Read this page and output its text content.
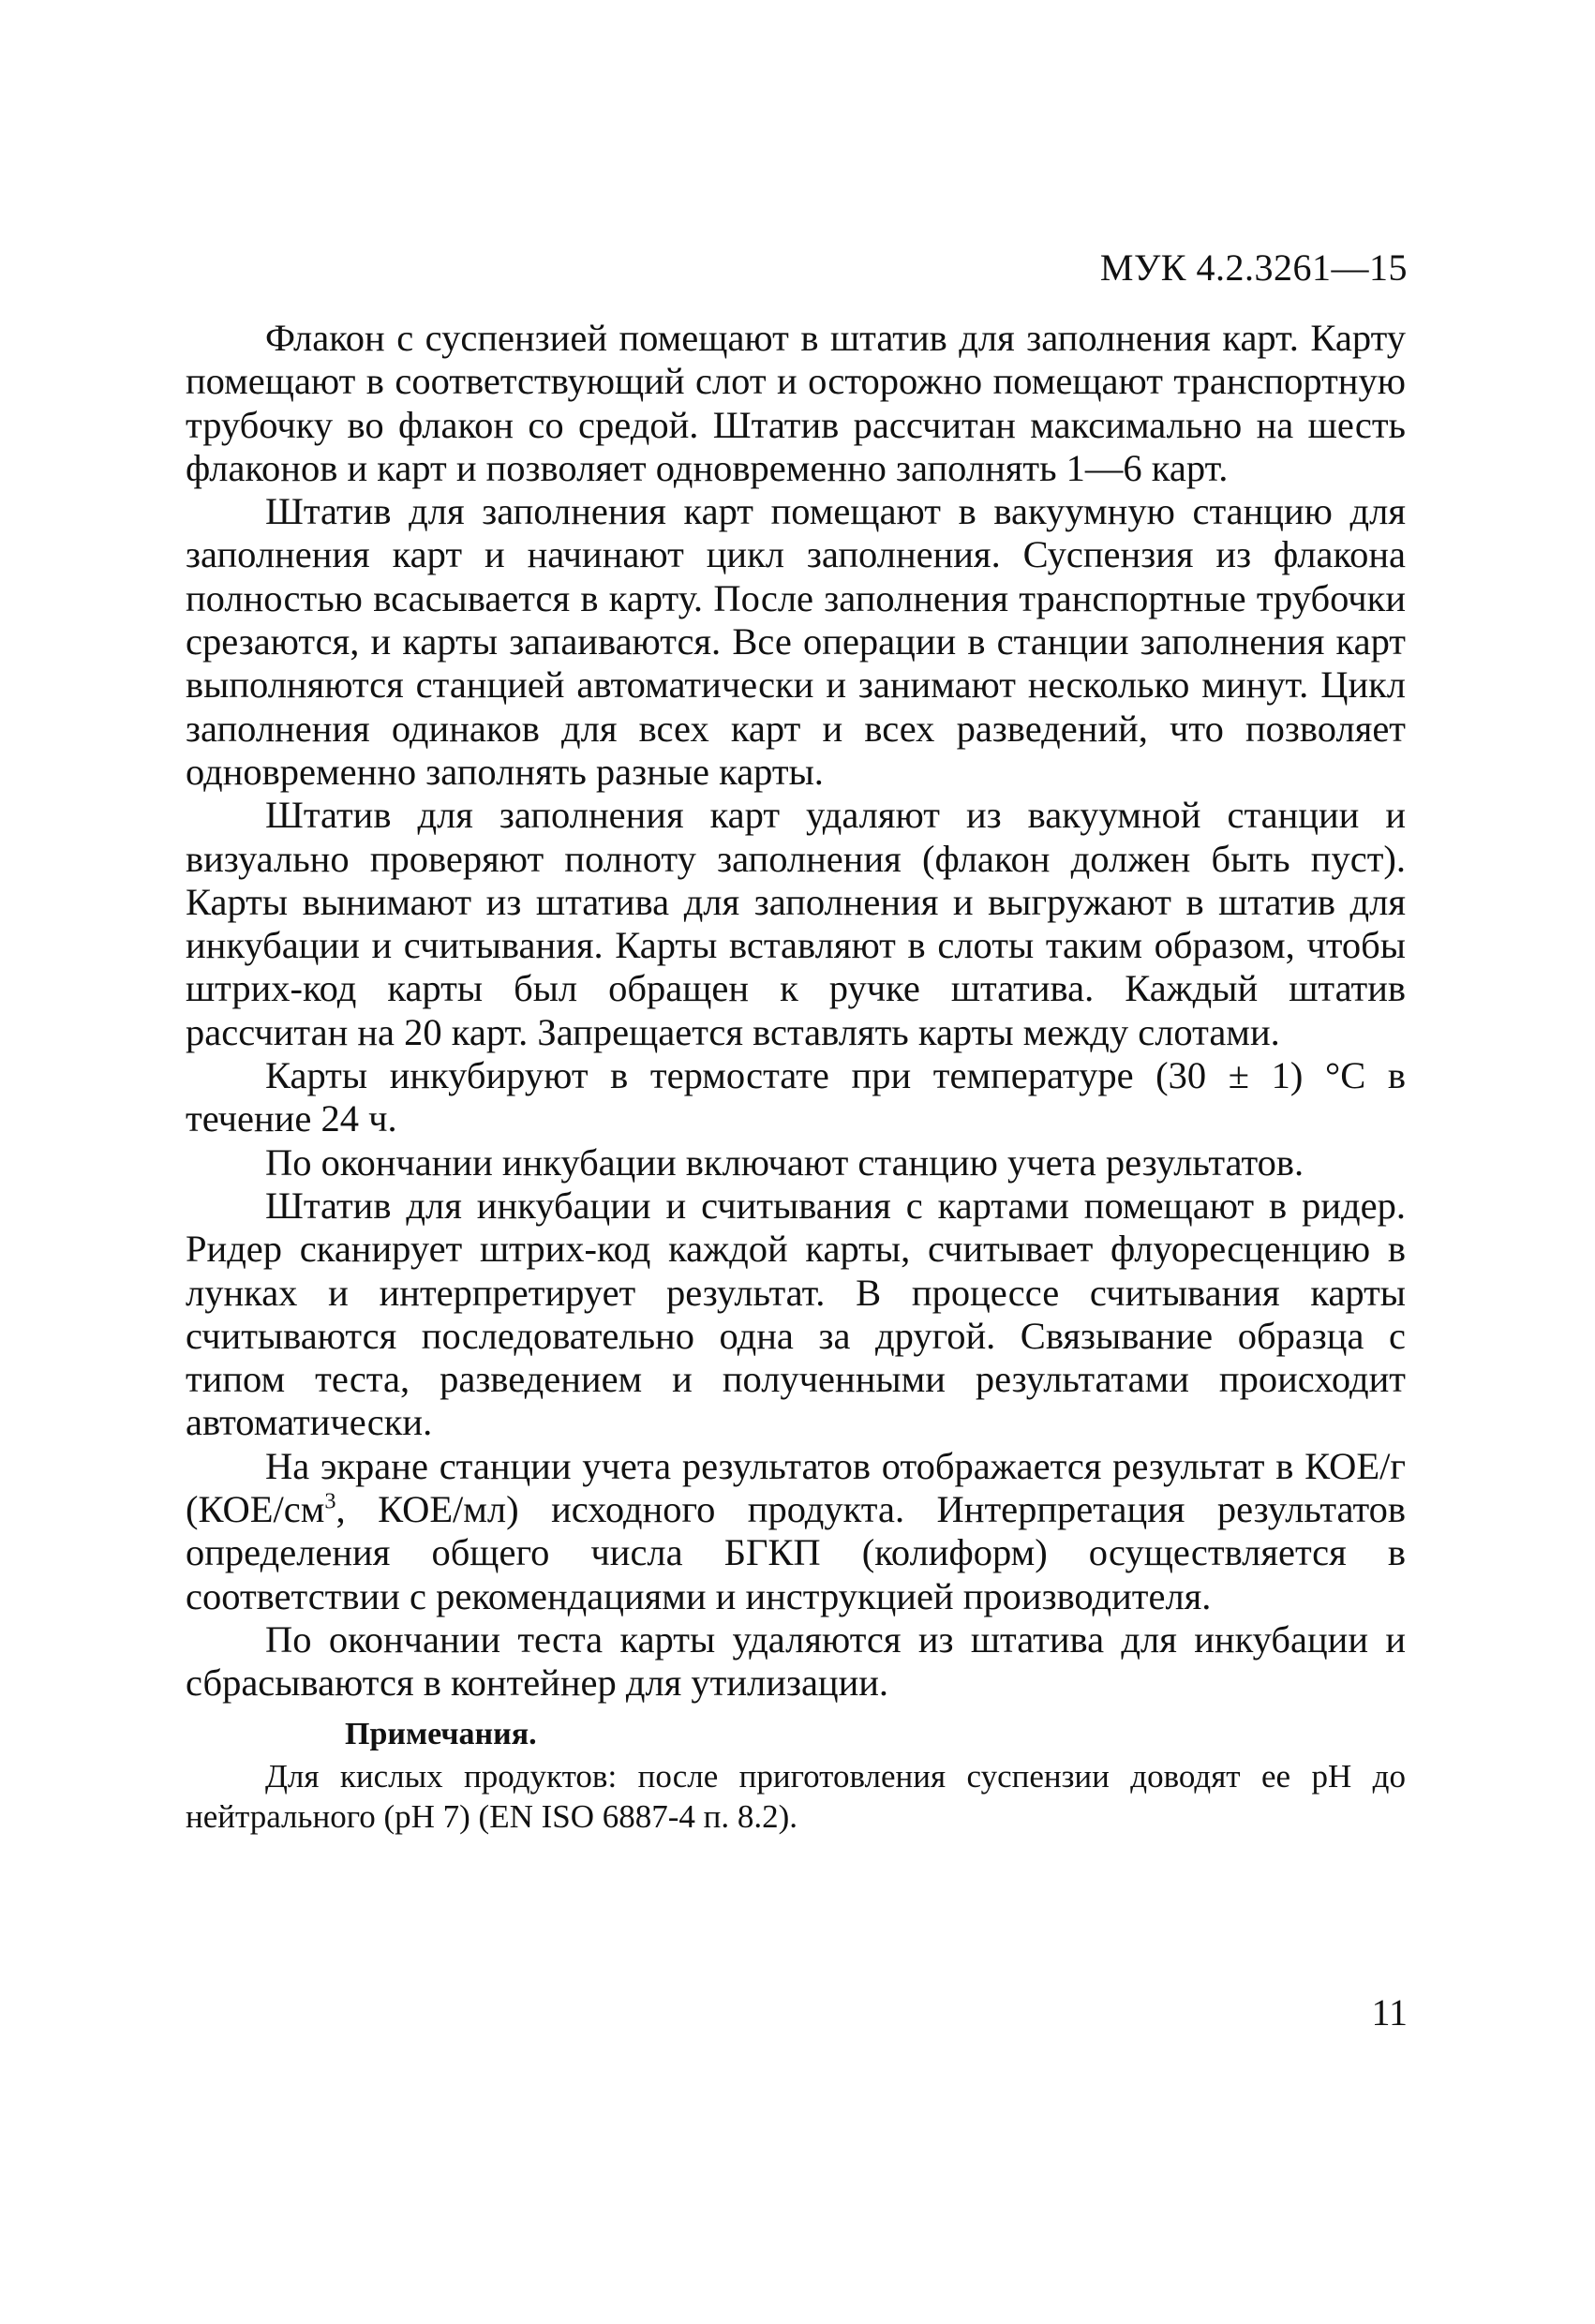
МУК 4.2.3261—15

Флакон с суспензией помещают в штатив для заполнения карт. Карту помещают в соответствующий слот и осторожно помещают транспортную трубочку во флакон со средой. Штатив рассчитан максимально на шесть флаконов и карт и позволяет одновременно заполнять 1—6 карт.

Штатив для заполнения карт помещают в вакуумную станцию для заполнения карт и начинают цикл заполнения. Суспензия из флакона полностью всасывается в карту. После заполнения транспортные трубочки срезаются, и карты запаиваются. Все операции в станции заполнения карт выполняются станцией автоматически и занимают несколько минут. Цикл заполнения одинаков для всех карт и всех разведений, что позволяет одновременно заполнять разные карты.

Штатив для заполнения карт удаляют из вакуумной станции и визуально проверяют полноту заполнения (флакон должен быть пуст). Карты вынимают из штатива для заполнения и выгружают в штатив для инкубации и считывания. Карты вставляют в слоты таким образом, чтобы штрих-код карты был обращен к ручке штатива. Каждый штатив рассчитан на 20 карт. Запрещается вставлять карты между слотами.

Карты инкубируют в термостате при температуре (30 ± 1) °С в течение 24 ч.

По окончании инкубации включают станцию учета результатов.

Штатив для инкубации и считывания с картами помещают в ридер. Ридер сканирует штрих-код каждой карты, считывает флуоресценцию в лунках и интерпретирует результат. В процессе считывания карты считываются последовательно одна за другой. Связывание образца с типом теста, разведением и полученными результатами происходит автоматически.

На экране станции учета результатов отображается результат в КОЕ/г ($КОЕ/см^3$, КОЕ/мл) исходного продукта. Интерпретация результатов определения общего числа БГКП (колиформ) осуществляется в соответствии с рекомендациями и инструкцией производителя.

По окончании теста карты удаляются из штатива для инкубации и сбрасываются в контейнер для утилизации.

Примечания.

Для кислых продуктов: после приготовления суспензии доводят ее рН до нейтрального (рН 7) (EN ISO 6887-4 п. 8.2).

11
